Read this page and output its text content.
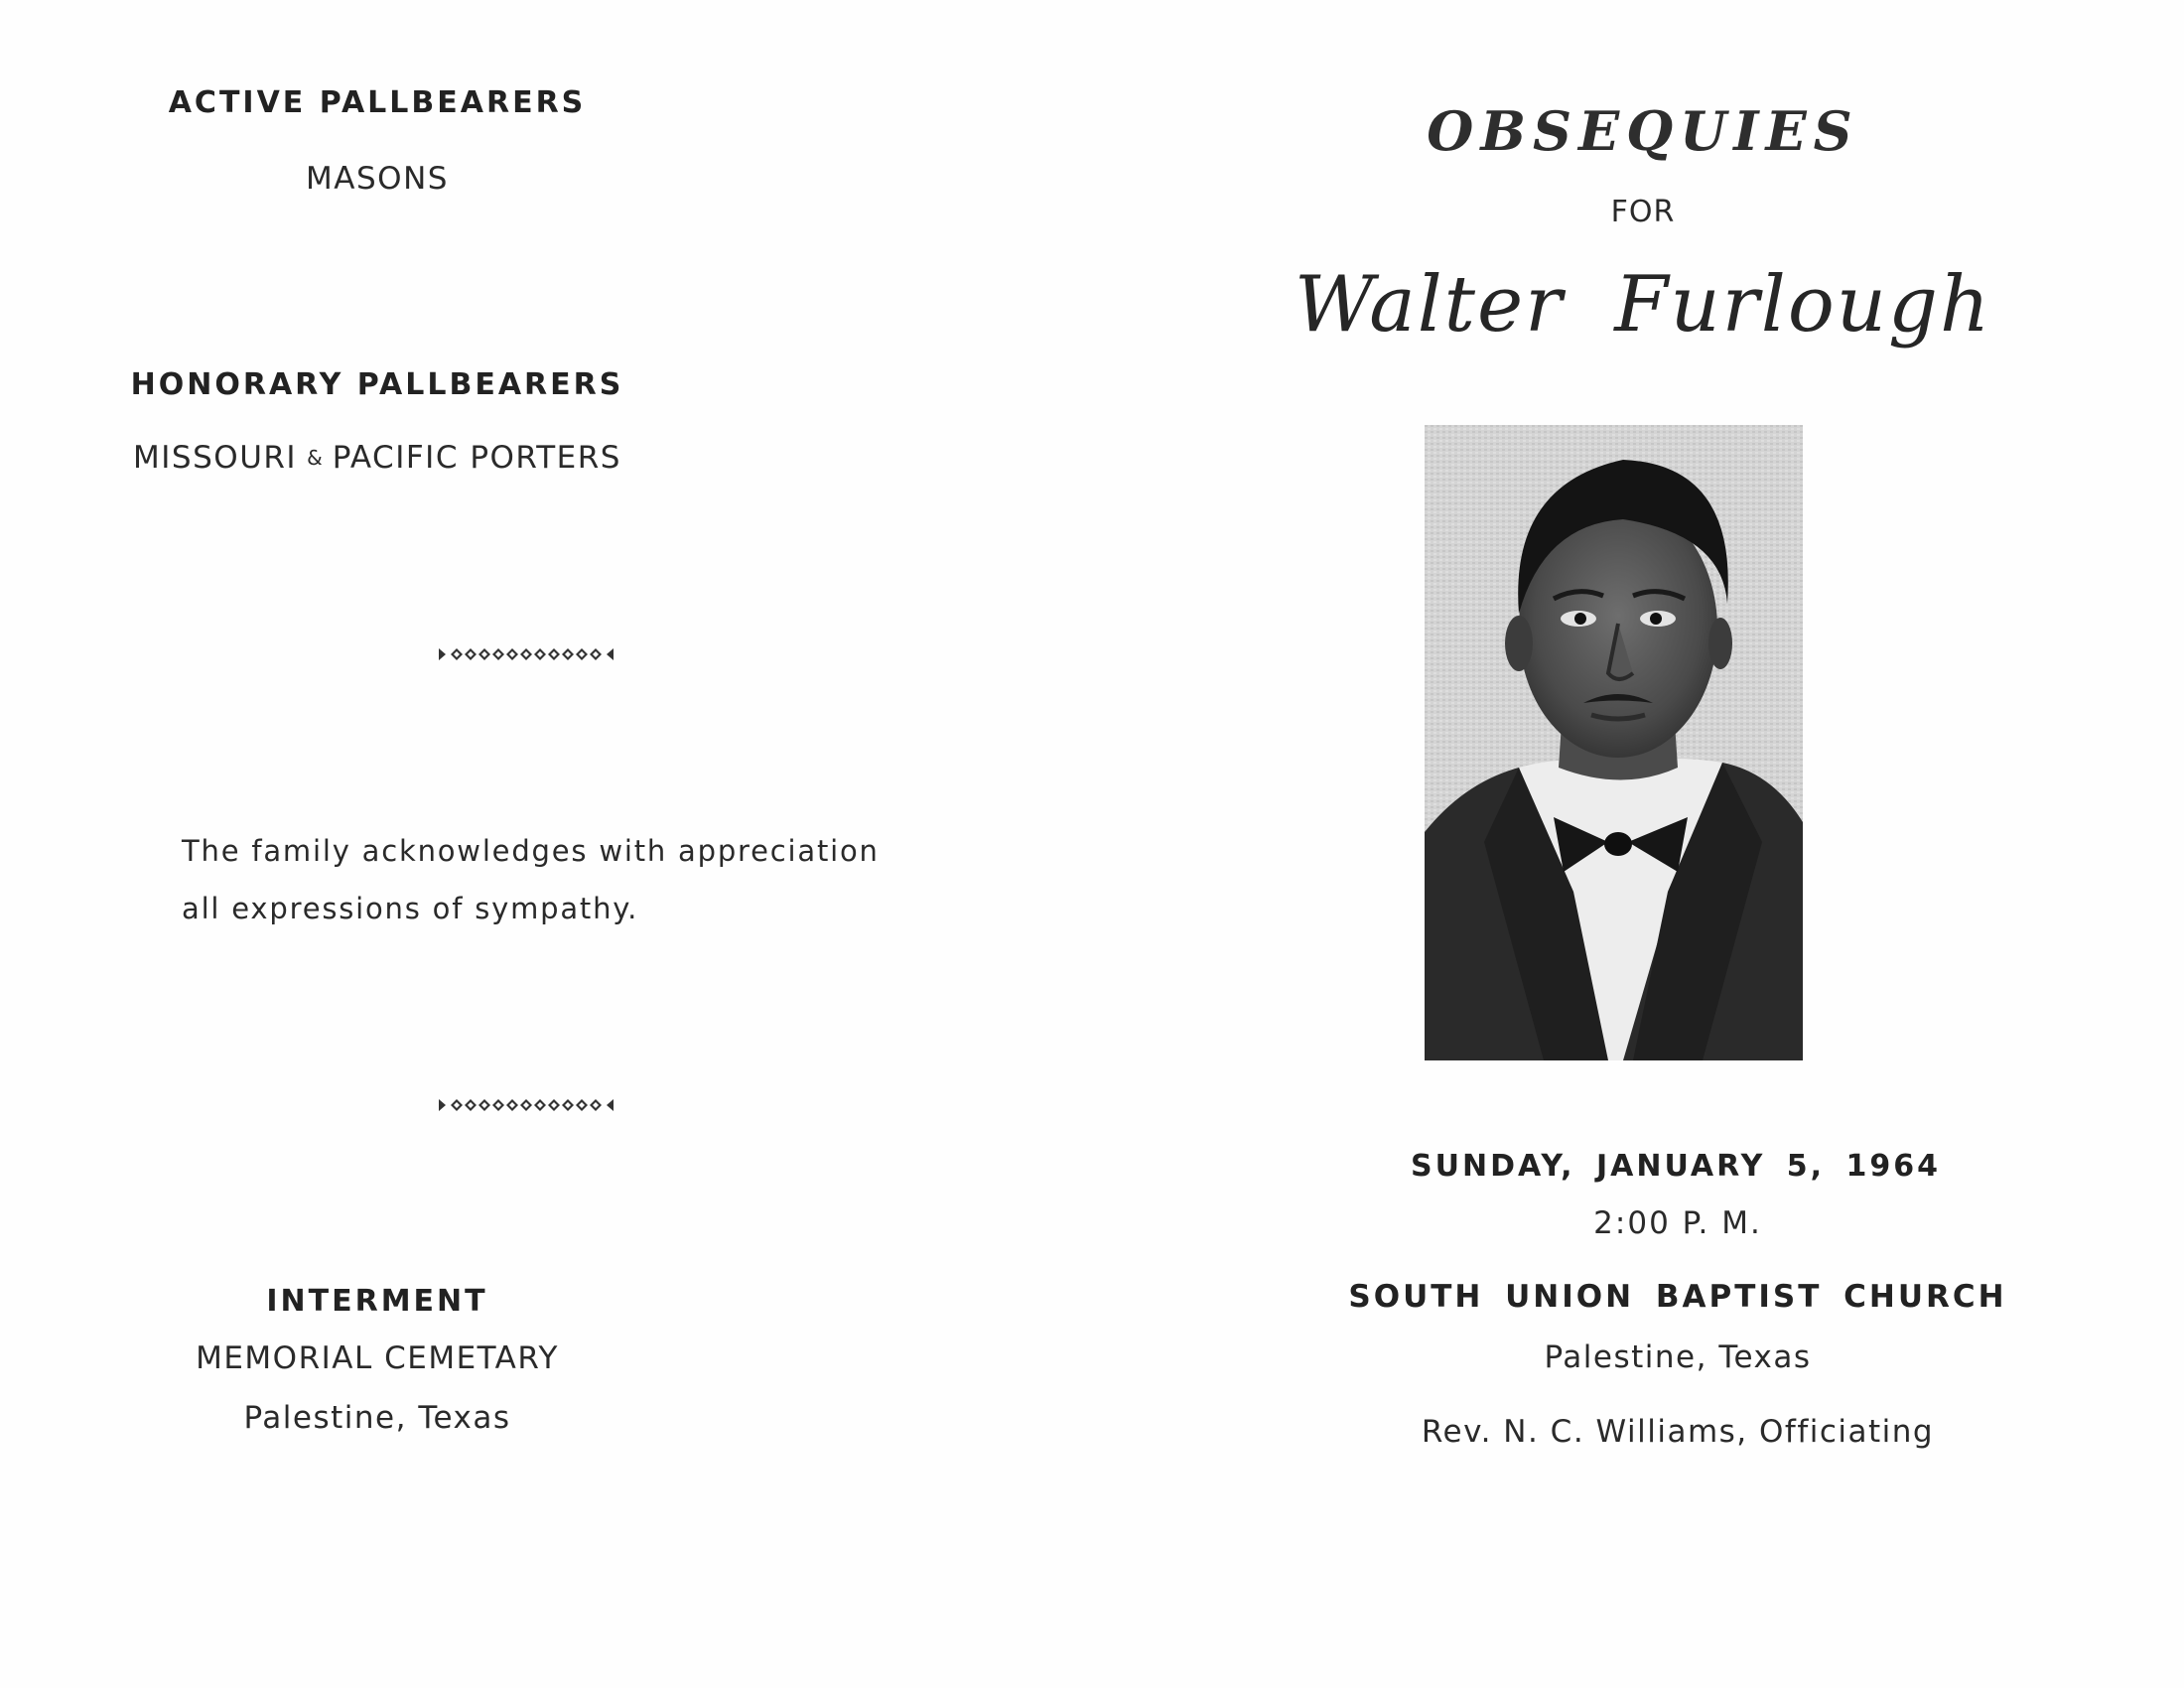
ACTIVE PALLBEARERS
MASONS
HONORARY PALLBEARERS
MISSOURI & PACIFIC PORTERS
The family acknowledges with appreciation
all expressions of sympathy.
INTERMENT
MEMORIAL CEMETARY
Palestine, Texas
OBSEQUIES
FOR
Walter Furlough
SUNDAY, JANUARY 5, 1964
2:00 P. M.
SOUTH UNION BAPTIST CHURCH
Palestine, Texas
Rev. N. C. Williams, Officiating
